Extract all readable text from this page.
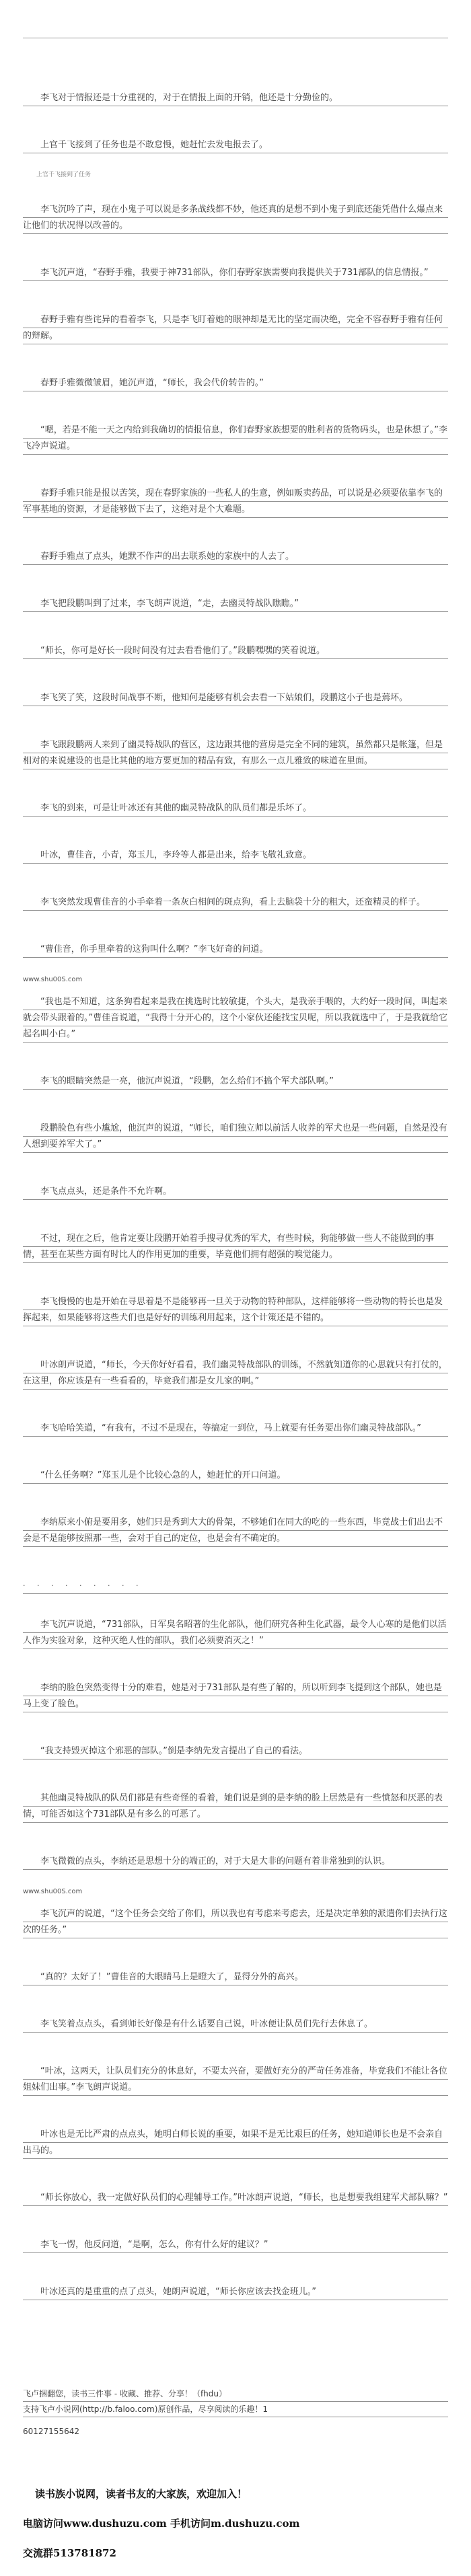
李飞对于情报还是十分重视的，对于在情报上面的开销，他还是十分勤俭的。

上官千飞接到了任务也是不敢怠慢，她赶忙去发电报去了。

上官千飞接到了任务

李飞沉吟了声，现在小鬼子可以说是多条战线都不妙，他还真的是想不到小鬼子到底还能凭借什么爆点来让他们的状况得以改善的。

李飞沉声道，“春野手雅，我要于神731部队，你们春野家族需要向我提供关于731部队的信息情报。”

春野手雅有些诧异的看着李飞，只是李飞盯着她的眼神却是无比的坚定而决绝，完全不容春野手雅有任何的辩解。

春野手雅微微皱眉，她沉声道，“师长，我会代价转告的。”

“嗯，若是不能一天之内给到我确切的情报信息，你们春野家族想要的胜利者的货物码头，也是休想了。”李飞冷声说道。

春野手雅只能是报以苦笑，现在春野家族的一些私人的生意，例如贩卖药品，可以说是必须要依靠李飞的军事基地的资源，才是能够做下去了，这绝对是个大难题。

春野手雅点了点头，她默不作声的出去联系她的家族中的人去了。

李飞把段鹏叫到了过来，李飞朗声说道，“走，去幽灵特战队瞧瞧。”

“师长，你可是好长一段时间没有过去看看他们了。”段鹏嘿嘿的笑着说道。

李飞笑了笑，这段时间战事不断，他知何是能够有机会去看一下姑娘们，段鹏这小子也是蔫坏。

李飞跟段鹏两人来到了幽灵特战队的营区，这边跟其他的营房是完全不同的建筑，虽然都只是帐篷，但是相对的来说建设的也是比其他的地方要更加的精品有致，有那么一点儿雅致的味道在里面。

李飞的到来，可是让叶冰还有其他的幽灵特战队的队员们都是乐坏了。

叶冰，曹佳音，小青，郑玉儿，李玲等人都是出来，给李飞敬礼致意。

李飞突然发现曹佳音的小手牵着一条灰白相间的斑点狗，看上去脑袋十分的粗大，还蛮精灵的样子。

“曹佳音，你手里牵着的这狗叫什么啊？”李飞好奇的问道。

www.shu00S.com

“我也是不知道，这条狗看起来是我在挑选时比较敏捷，个头大，是我亲手喂的，大约好一段时间，叫起来就会带头跟着的。”曹佳音说道，“我得十分开心的，这个小家伙还能找宝贝呢，所以我就选中了，于是我就给它起名叫小白。”

李飞的眼睛突然是一亮，他沉声说道，“段鹏，怎么给们不搞个军犬部队啊。”

段鹏脸色有些小尴尬，他沉声的说道，“师长，咱们独立师以前活人收养的军犬也是一些问题，自然是没有人想到要养军犬了。”

李飞点点头，还是条件不允许啊。

不过，现在之后，他肯定要让段鹏开始着手搜寻优秀的军犬，有些时候，狗能够做一些人不能做到的事情，甚至在某些方面有时比人的作用更加的重要，毕竟他们拥有超强的嗅觉能力。

李飞慢慢的也是开始在寻思着是不是能够再一旦关于动物的特种部队，这样能够将一些动物的特长也是发挥起来，如果能够将这些犬们也是好好的训练利用起来，这个计策还是不错的。

叶冰朗声说道，“师长，今天你好好看看，我们幽灵特战部队的训练，不然就知道你的心思就只有打仗的，在这里，你应该是有一些看看的，毕竟我们都是女儿家的啊。”

李飞哈哈笑道，“有我有，不过不是现在，等搞定一到位，马上就要有任务要出你们幽灵特战部队。”

“什么任务啊？”郑玉儿是个比较心急的人，她赶忙的开口问道。

李纳原来小俯是要用多，她们只是秀到大大的骨架，不够她们在同大的吃的一些东西，毕竟战士们出去不会是不是能够按照那一些，会对于自己的定位，也是会有不确定的。

· · · · · · · · ·

李飞沉声说道，“731部队，日军臭名昭著的生化部队，他们研究各种生化武器，最令人心寒的是他们以活人作为实验对象，这种灭绝人性的部队，我们必须要消灭之！”

李纳的脸色突然变得十分的难看，她是对于731部队是有些了解的，所以听到李飞提到这个部队，她也是马上变了脸色。

“我支持毁灭掉这个邪恶的部队。”倒是李纳先发言提出了自己的看法。

其他幽灵特战队的队员们都是有些奇怪的看着，她们说是到的是李纳的脸上居然是有一些愤怒和厌恶的表情，可能否如这个731部队是有多么的可恶了。

李飞微微的点头，李纳还是思想十分的端正的，对于大是大非的问题有着非常独到的认识。

www.shu00S.com

李飞沉声的说道，“这个任务会交给了你们，所以我也有考虑来考虑去，还是决定单独的派遣你们去执行这次的任务。”

“真的？太好了！”曹佳音的大眼睛马上是瞪大了，显得分外的高兴。

李飞笑着点点头，看到师长好像是有什么话要自己说，叶冰便让队员们先行去休息了。

“叶冰，这两天，让队员们充分的休息好，不要太兴奋，要做好充分的严苛任务准备，毕竟我们不能让各位姐妹们出事。”李飞朗声说道。

叶冰也是无比严肃的点点头，她明白师长说的重要，如果不是无比艰巨的任务，她知道师长也是不会亲自出马的。

“师长你放心，我一定做好队员们的心理辅导工作。”叶冰朗声说道，“师长，也是想要我组建军犬部队嘛？”

李飞一愣，他反问道，“是啊，怎么，你有什么好的建议？”

叶冰还真的是重重的点了点头，她朗声说道，“师长你应该去找金班儿。”

飞卢捆翻您，读书三件事 - 收藏、推荐、分享！（fhdu）
支持飞卢小说网(http://b.faloo.com)原创作品，尽享阅读的乐趣！1
60127155642
读书族小说网，读者书友的大家族，欢迎加入！
电脑访问www.dushuzu.com 手机访问m.dushuzu.com
交流群513781872
